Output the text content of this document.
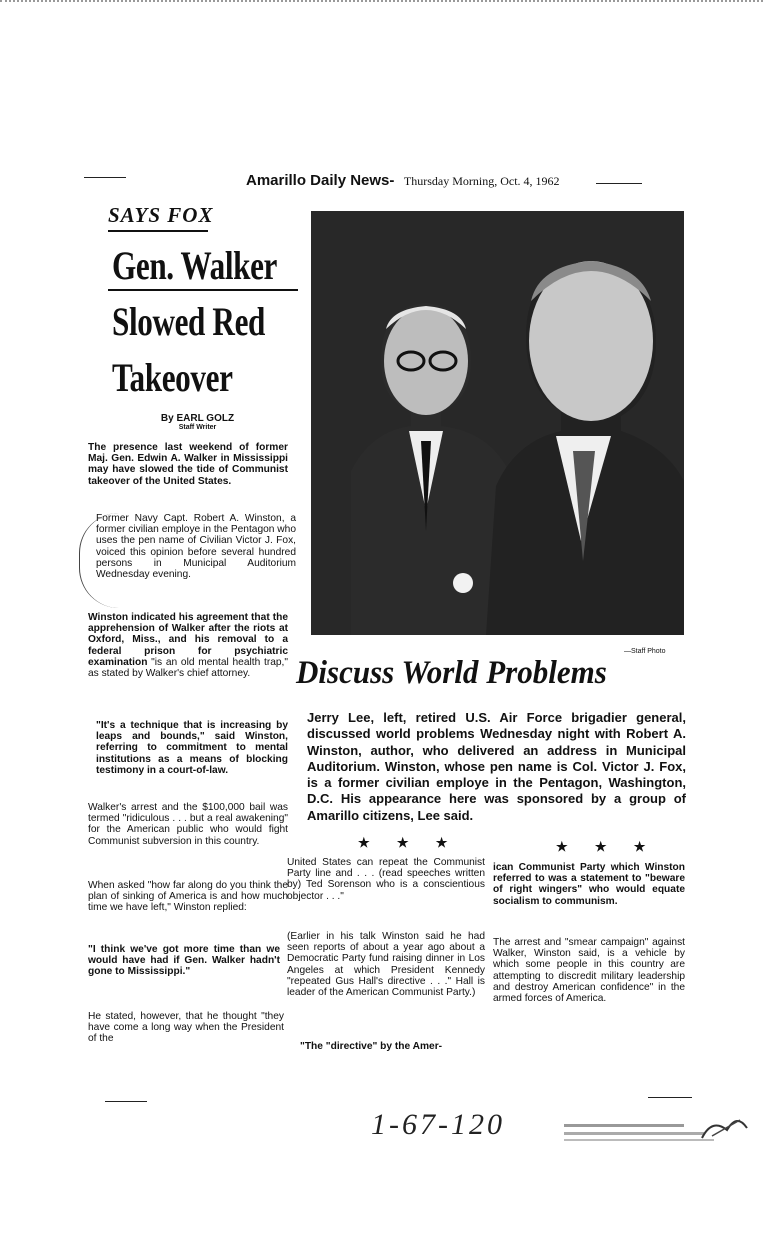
Amarillo Daily News- Thursday Morning, Oct. 4, 1962
SAYS FOX
Gen. Walker
Slowed Red
Takeover
By EARL GOLZ
Staff Writer
The presence last weekend of former Maj. Gen. Edwin A. Walker in Mississippi may have slowed the tide of Communist takeover of the United States.
Former Navy Capt. Robert A. Winston, a former civilian employe in the Pentagon who uses the pen name of Civilian Victor J. Fox, voiced this opinion before several hundred persons in Municipal Auditorium Wednesday evening.
Winston indicated his agreement that the apprehension of Walker after the riots at Oxford, Miss., and his removal to a federal prison for psychiatric examination "is an old mental health trap," as stated by Walker's chief attorney.
"It's a technique that is increasing by leaps and bounds," said Winston, referring to commitment to mental institutions as a means of blocking testimony in a court-of-law.
Walker's arrest and the $100,000 bail was termed "ridiculous . . . but a real awakening" for the American public who would fight Communist subversion in this country.
When asked "how far along do you think the plan of sinking of America is and how much time we have left," Winston replied:
"I think we've got more time than we would have had if Gen. Walker hadn't gone to Mississippi."
He stated, however, that he thought "they have come a long way when the President of the
—Staff Photo
Discuss World Problems
Jerry Lee, left, retired U.S. Air Force brigadier general, discussed world problems Wednesday night with Robert A. Winston, author, who delivered an address in Municipal Auditorium. Winston, whose pen name is Col. Victor J. Fox, is a former civilian employe in the Pentagon, Washington, D.C. His appearance here was sponsored by a group of Amarillo citizens, Lee said.
★ ★ ★	★ ★ ★
United States can repeat the Communist Party line and . . . (read speeches written by) Ted Sorenson who is a conscientious objector . . ."
(Earlier in his talk Winston said he had seen reports of about a year ago about a Democratic Party fund raising dinner in Los Angeles at which President Kennedy "repeated Gus Hall's directive . . ." Hall is leader of the American Communist Party.)
"The "directive" by the Amer-
ican Communist Party which Winston referred to was a statement to "beware of right wingers" who would equate socialism to communism.
The arrest and "smear campaign" against Walker, Winston said, is a vehicle by which some people in this country are attempting to discredit military leadership and destroy American confidence" in the armed forces of America.
1-67-120
